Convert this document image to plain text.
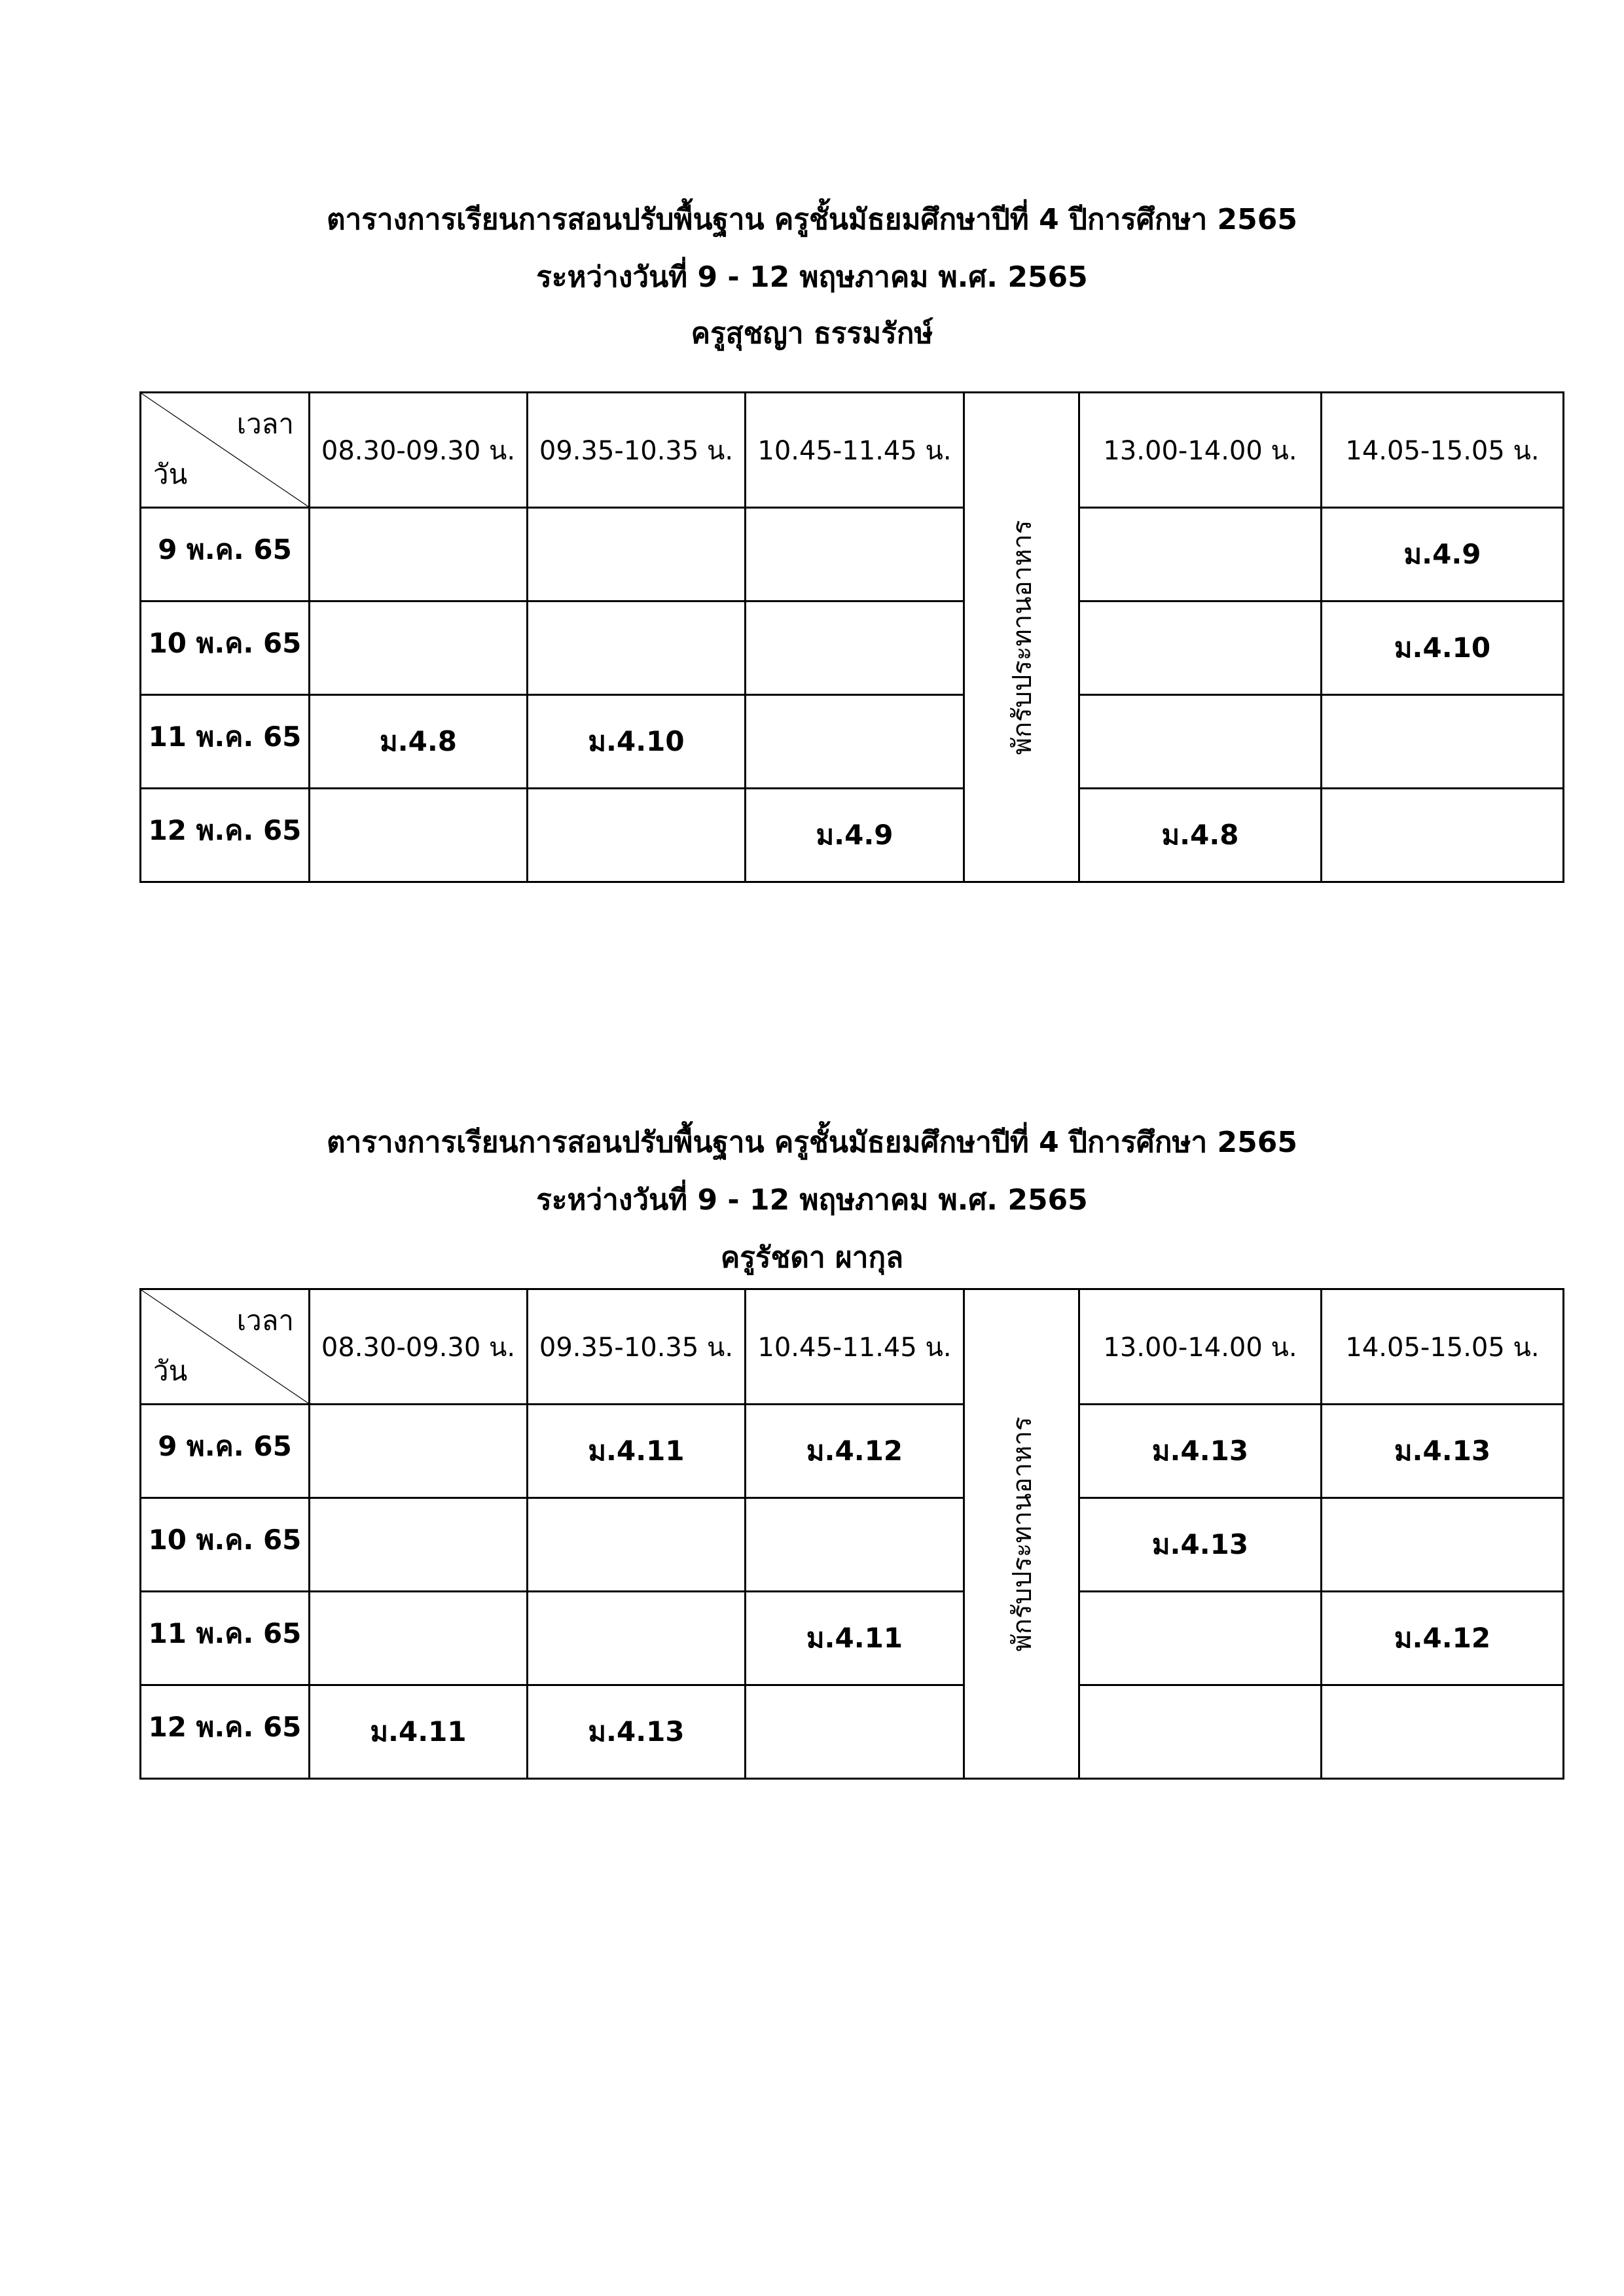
ตารางการเรียนการสอนปรับพื้นฐาน ครูชั้นมัธยมศึกษาปีที่ 4 ปีการศึกษา 2565
ระหว่างวันที่ 9 - 12 พฤษภาคม พ.ศ. 2565
ครูสุชญา ธรรมรักษ์
เวลา
วัน	08.30-09.30 น.	09.35-10.35 น.	10.45-11.45 น.	พักรับประทานอาหาร	13.00-14.00 น.	14.05-15.05 น.
9 พ.ค. 65						ม.4.9
10 พ.ค. 65						ม.4.10
11 พ.ค. 65	ม.4.8	ม.4.10				
12 พ.ค. 65			ม.4.9		ม.4.8	
ตารางการเรียนการสอนปรับพื้นฐาน ครูชั้นมัธยมศึกษาปีที่ 4 ปีการศึกษา 2565
ระหว่างวันที่ 9 - 12 พฤษภาคม พ.ศ. 2565
ครูรัชดา ผากุล
เวลา
วัน	08.30-09.30 น.	09.35-10.35 น.	10.45-11.45 น.	พักรับประทานอาหาร	13.00-14.00 น.	14.05-15.05 น.
9 พ.ค. 65		ม.4.11	ม.4.12		ม.4.13	ม.4.13
10 พ.ค. 65					ม.4.13	
11 พ.ค. 65			ม.4.11			ม.4.12
12 พ.ค. 65	ม.4.11	ม.4.13				
